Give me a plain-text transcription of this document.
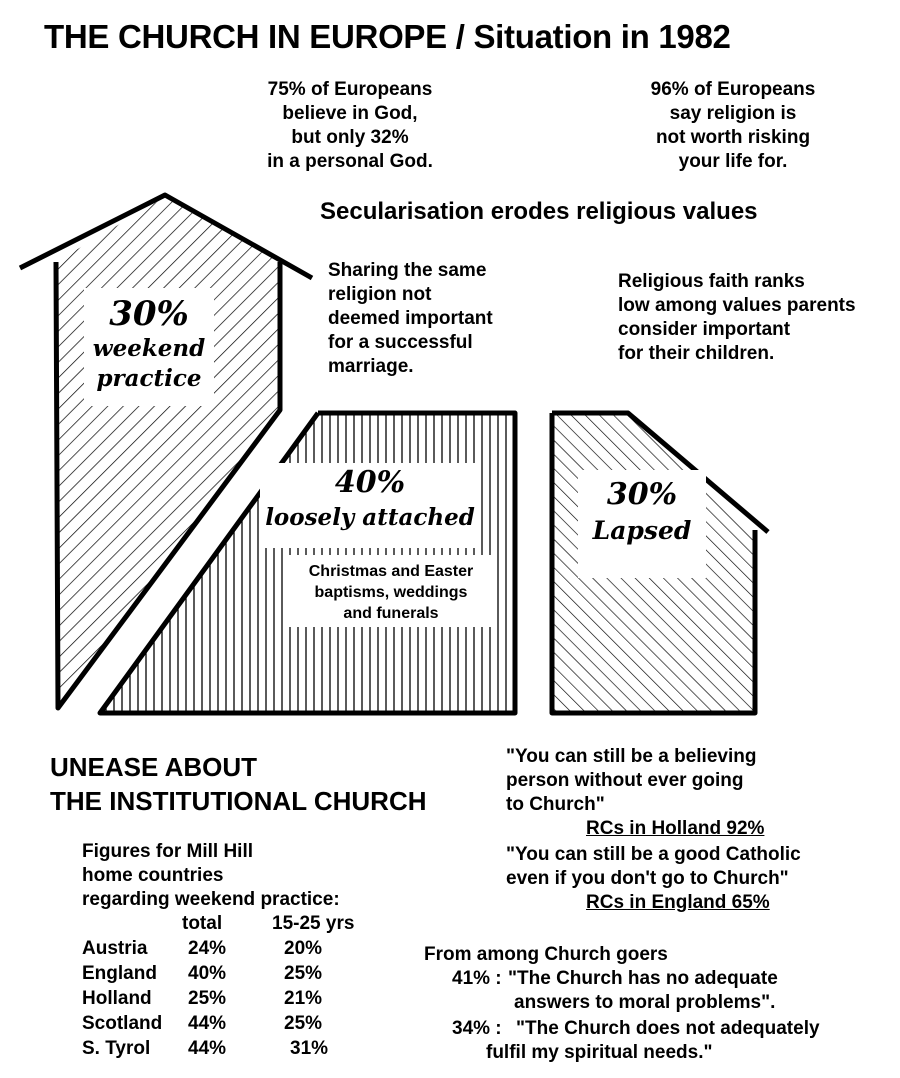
THE CHURCH IN EUROPE / Situation in 1982
75% of Europeans
believe in God,
but only 32%
in a personal God.
96% of Europeans
say religion is
not worth risking
your life for.
Secularisation erodes religious values
Sharing the same
religion not
deemed important
for a successful
marriage.
Religious faith ranks
low among values parents
consider important
for their children.
30%
weekend
practice
40%
loosely attached
Christmas and Easter
baptisms, weddings
and funerals
30%
Lapsed
UNEASE ABOUT
THE INSTITUTIONAL CHURCH
Figures for Mill Hill
home countries
regarding weekend practice:
	total	15-25 yrs
Austria	24%	20%
England	40%	25%
Holland	25%	21%
Scotland	44%	25%
S. Tyrol	44%	31%
"You can still be a believing
person without ever going
to Church"
RCs in Holland 92%
"You can still be a good Catholic
even if you don't go to Church"
RCs in England 65%
From among Church goers
41% : "The Church has no adequate
answers to moral problems".
34% : "The Church does not adequately
fulfil my spiritual needs."
